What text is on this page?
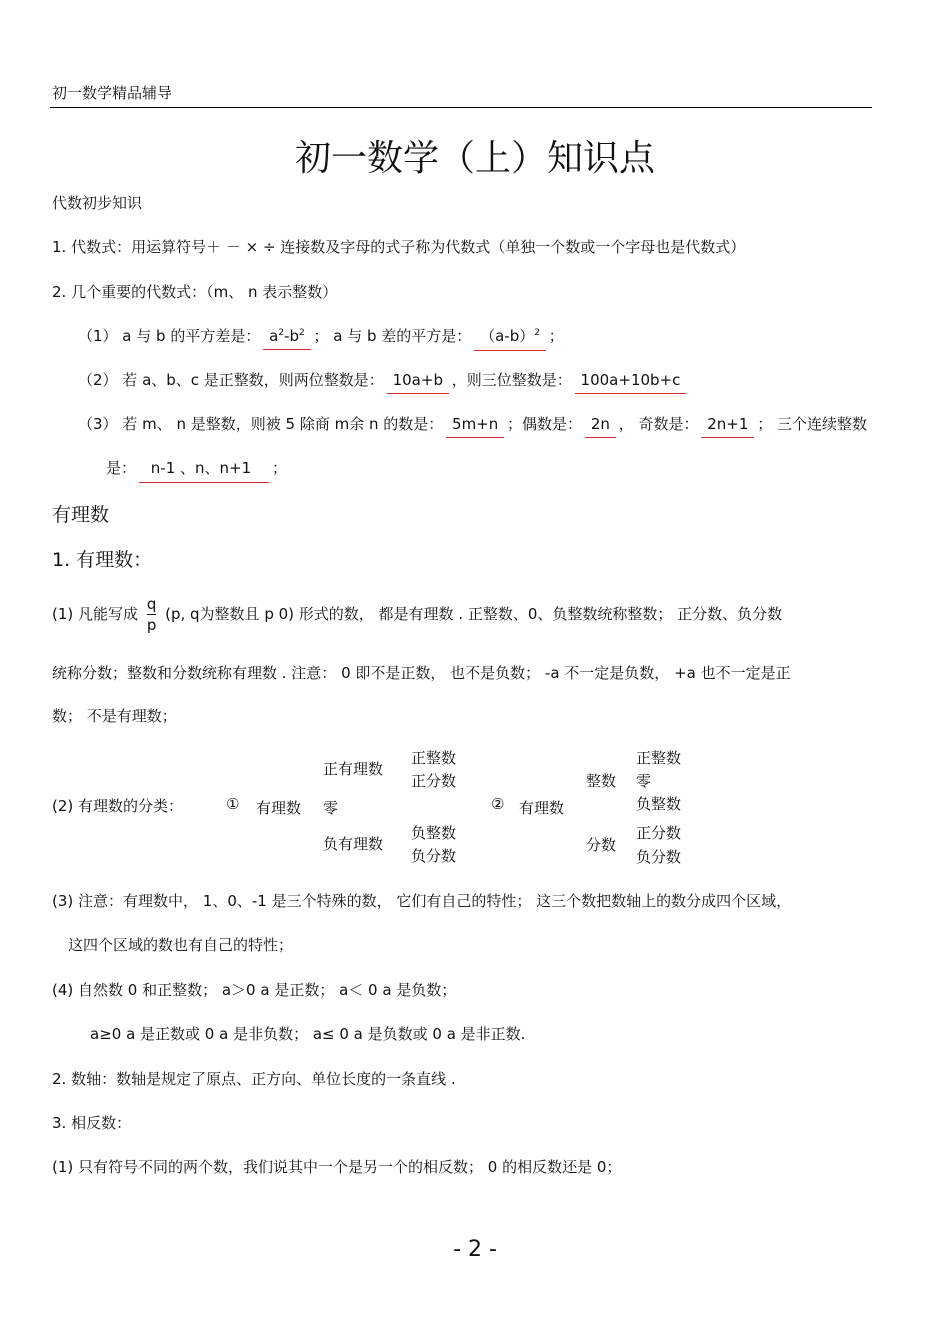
初一数学精品辅导
初一数学（上）知识点
代数初步知识
1. 代数式：用运算符号＋ － × ÷ 连接数及字母的式子称为代数式（单独一个数或一个字母也是代数式）
2. 几个重要的代数式：（m、 n 表示整数）
（1） a 与 b 的平方差是： $a^2-b^2$ ； a 与 b 差的平方是： $(a-b)^2$ ；
（2） 若 a、b、c 是正整数，则两位整数是： 10a+b ，则三位整数是： 100a+10b+c
（3） 若 m、 n 是整数，则被 5 除商 m余 n 的数是： 5m+n ；偶数是： 2n ， 奇数是： 2n+1 ； 三个连续整数
是： n-1 、n、n+1 ；
有理数
1. 有理数：
(1) 凡能写成 $\frac{q}{p} (p$, q为整数且 p 0) 形式的数， 都是有理数 . 正整数、0、负整数统称整数； 正分数、负分数
统称分数；整数和分数统称有理数 . 注意： 0 即不是正数， 也不是负数； -a 不一定是负数， +a 也不一定是正
数； 不是有理数；
(2) 有理数的分类：	① 有理数
正有理数
正整数
正分数
零
负有理数
负整数
负分数
② 有理数
整数
正整数
零
负整数
分数
正分数
负分数
(3) 注意：有理数中， 1、0、-1 是三个特殊的数， 它们有自己的特性； 这三个数把数轴上的数分成四个区域，
这四个区域的数也有自己的特性；
(4) 自然数 0 和正整数； a＞0 a 是正数； a＜ 0 a 是负数；
a≥0 a 是正数或 0 a 是非负数； a≤ 0 a 是负数或 0 a 是非正数.
2. 数轴：数轴是规定了原点、正方向、单位长度的一条直线 .
3. 相反数：
(1) 只有符号不同的两个数，我们说其中一个是另一个的相反数； 0 的相反数还是 0；
- 2 -
